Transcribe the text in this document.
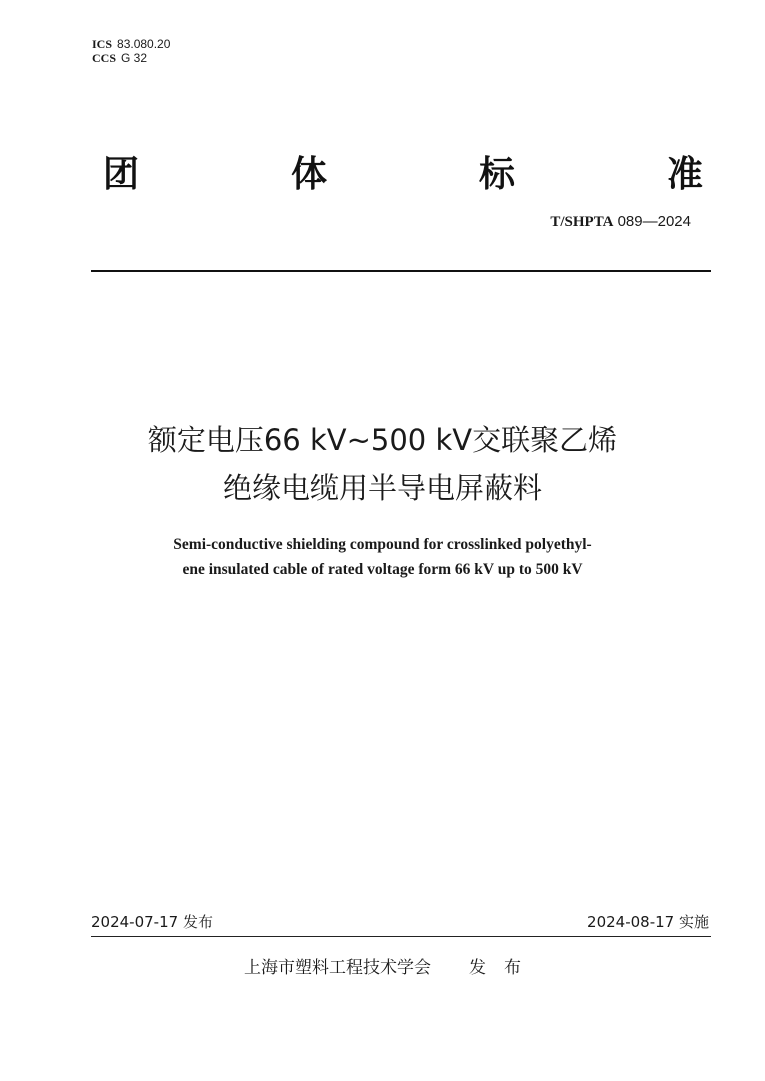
ICS 83.080.20
CCS G 32
团	体	标	准
T/SHPTA 089—2024
额定电压66 kV~500 kV交联聚乙烯
绝缘电缆用半导电屏蔽料
Semi-conductive shielding compound for crosslinked polyethyl-
ene insulated cable of rated voltage form 66 kV up to 500 kV
2024-07-17 发布	2024-08-17 实施
上海市塑料工程技术学会 发布
